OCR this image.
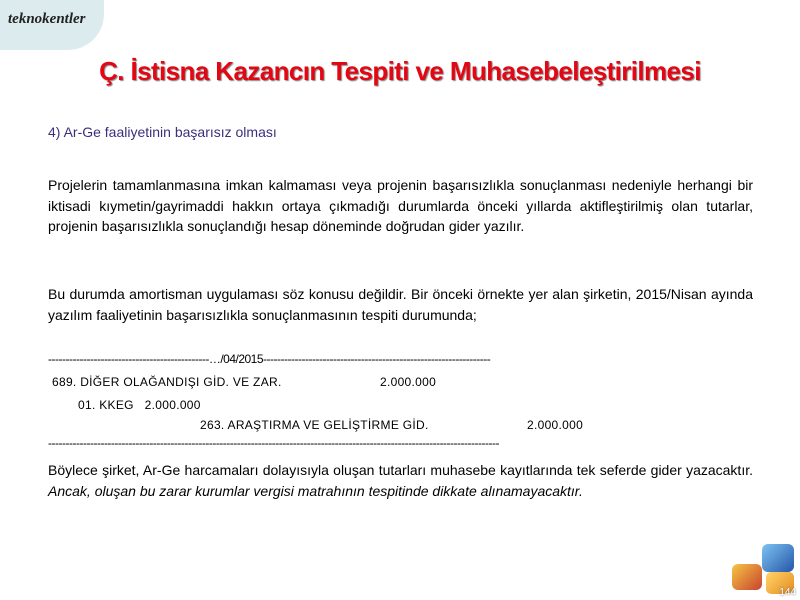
teknokentler
Ç. İstisna Kazancın Tespiti ve Muhasebeleştirilmesi
4) Ar-Ge faaliyetinin başarısız olması
Projelerin tamamlanmasına imkan kalmaması veya projenin başarısızlıkla sonuçlanması nedeniyle herhangi bir iktisadi kıymetin/gayrimaddi hakkın ortaya çıkmadığı durumlarda önceki yıllarda aktifleştirilmiş olan tutarlar, projenin başarısızlıkla sonuçlandığı hesap döneminde doğrudan gider yazılır.
Bu durumda amortisman uygulaması söz konusu değildir. Bir önceki örnekte yer alan şirketin, 2015/Nisan ayında yazılım faaliyetinin başarısızlıkla sonuçlanmasının tespiti durumunda;
----------------------------------------------…/04/2015-----------------------------------------------------------------
689. DİĞER OLAĞANDIŞI GİD. VE ZAR.	2.000.000
01. KKEG 2.000.000
263. ARAŞTIRMA VE GELİŞTİRME GİD.	2.000.000
---------------------------------------------------------------------------------------------------------------------------------
Böylece şirket, Ar-Ge harcamaları dolayısıyla oluşan tutarları muhasebe kayıtlarında tek seferde gider yazacaktır. Ancak, oluşan bu zarar kurumlar vergisi matrahının tespitinde dikkate alınamayacaktır.
144
